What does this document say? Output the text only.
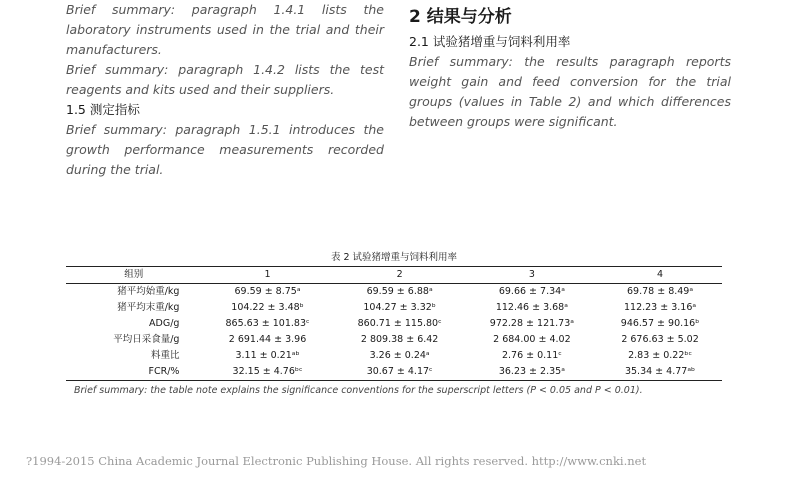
Brief summary: paragraph 1.4.1 lists the laboratory instruments used in the trial and their manufacturers.

Brief summary: paragraph 1.4.2 lists the test reagents and kits used and their suppliers.

1.5 测定指标

Brief summary: paragraph 1.5.1 introduces the growth performance measurements recorded during the trial.

2 结果与分析

2.1 试验猪增重与饲料利用率

Brief summary: the results paragraph reports weight gain and feed conversion for the trial groups (values in Table 2) and which differences between groups were significant.

表 2 试验猪增重与饲料利用率
组别	1	2	3	4
猪平均始重/kg	69.59 ± 8.75ᵃ	69.59 ± 6.88ᵃ	69.66 ± 7.34ᵃ	69.78 ± 8.49ᵃ
猪平均末重/kg	104.22 ± 3.48ᵇ	104.27 ± 3.32ᵇ	112.46 ± 3.68ᵃ	112.23 ± 3.16ᵃ
ADG/g	865.63 ± 101.83ᶜ	860.71 ± 115.80ᶜ	972.28 ± 121.73ᵃ	946.57 ± 90.16ᵇ
平均日采食量/g	2 691.44 ± 3.96	2 809.38 ± 6.42	2 684.00 ± 4.02	2 676.63 ± 5.02
料重比	3.11 ± 0.21ᵃᵇ	3.26 ± 0.24ᵃ	2.76 ± 0.11ᶜ	2.83 ± 0.22ᵇᶜ
FCR/%	32.15 ± 4.76ᵇᶜ	30.67 ± 4.17ᶜ	36.23 ± 2.35ᵃ	35.34 ± 4.77ᵃᵇ

Brief summary: the table note explains the significance conventions for the superscript letters (P < 0.05 and P < 0.01).

?1994-2015 China Academic Journal Electronic Publishing House. All rights reserved. http://www.cnki.net
